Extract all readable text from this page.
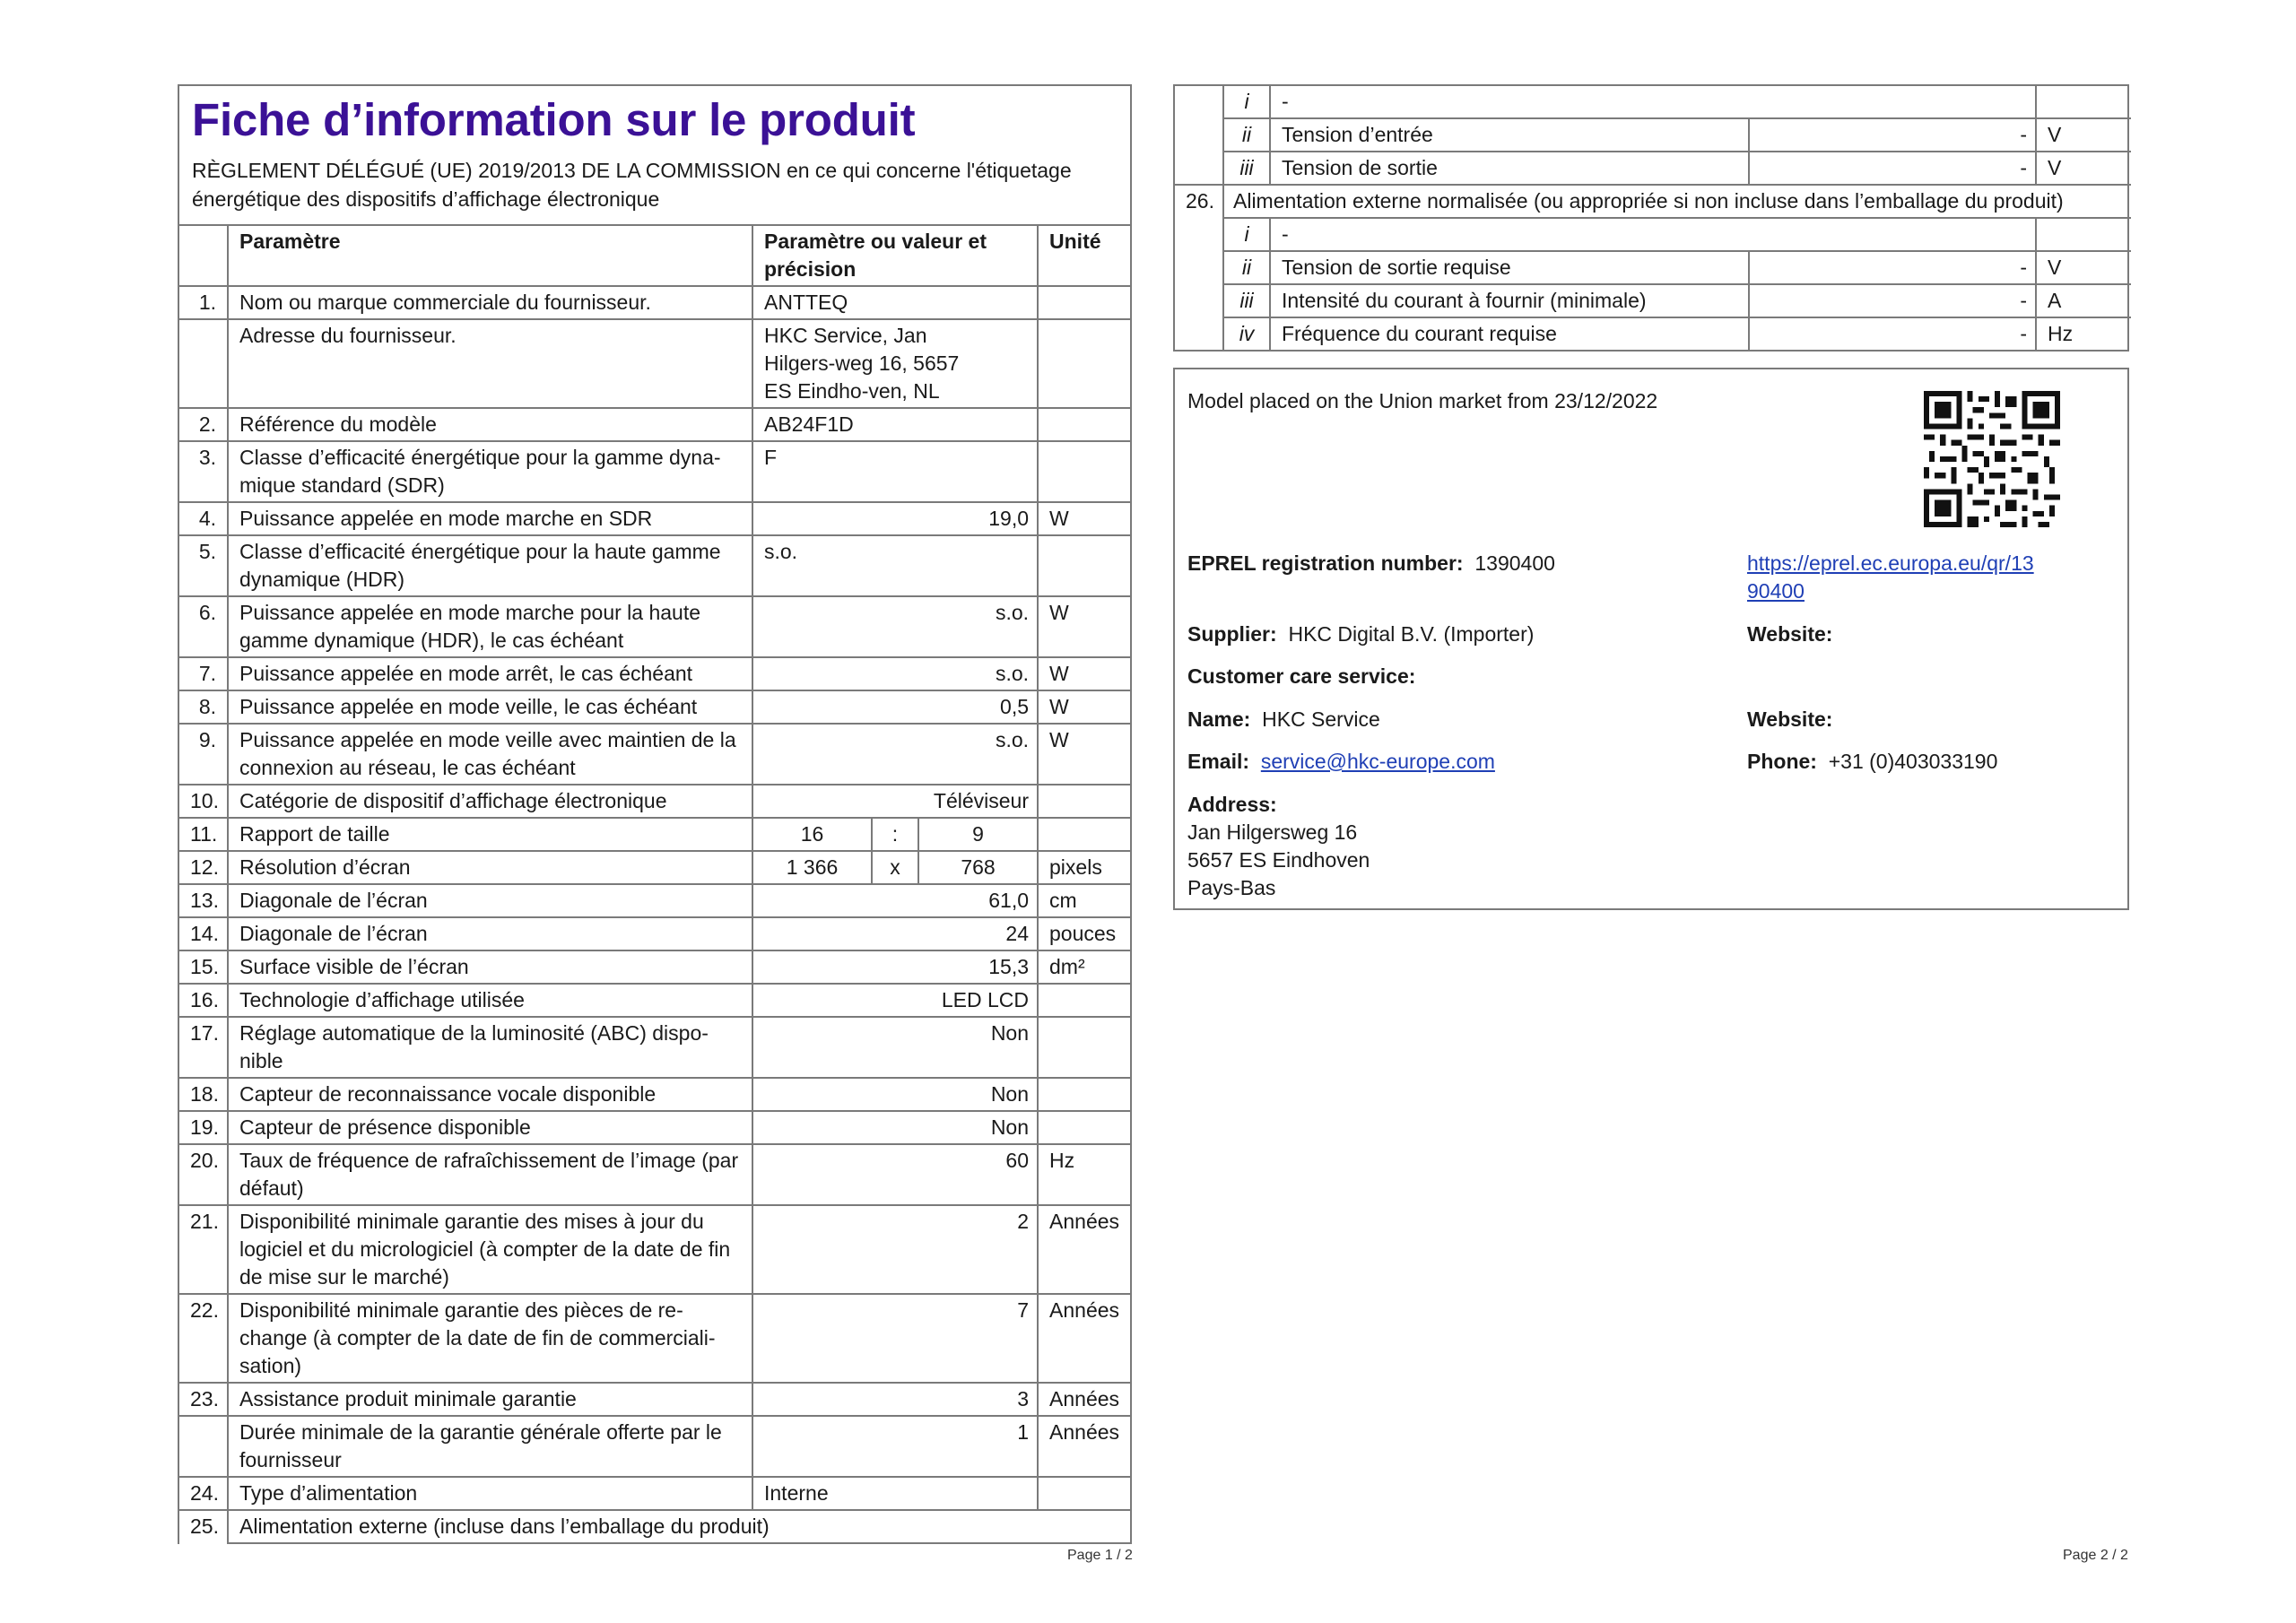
Fiche d’information sur le produit
RÈGLEMENT DÉLÉGUÉ (UE) 2019/2013 DE LA COMMISSION en ce qui concerne l'étiquetage énergétique des dispositifs d’affichage électronique
	Paramètre	Paramètre ou valeur et précision			Unité
1.	Nom ou marque commerciale du fournisseur.	ANTTEQ			
	Adresse du fournisseur.	HKC Service, Jan Hilgers-weg 16, 5657 ES Eindho-ven, NL			
2.	Référence du modèle	AB24F1D			
3.	Classe d’efficacité énergétique pour la gamme dyna-mique standard (SDR)	F			
4.	Puissance appelée en mode marche en SDR	19,0			W
5.	Classe d’efficacité énergétique pour la haute gamme dynamique (HDR)	s.o.			
6.	Puissance appelée en mode marche pour la haute gamme dynamique (HDR), le cas échéant	s.o.			W
7.	Puissance appelée en mode arrêt, le cas échéant	s.o.			W
8.	Puissance appelée en mode veille, le cas échéant	0,5			W
9.	Puissance appelée en mode veille avec maintien de la connexion au réseau, le cas échéant	s.o.			W
10.	Catégorie de dispositif d’affichage électronique	Téléviseur			
11.	Rapport de taille	16	:	9	
12.	Résolution d’écran	1 366	x	768	pixels
13.	Diagonale de l’écran	61,0			cm
14.	Diagonale de l’écran	24			pouces
15.	Surface visible de l’écran	15,3			dm²
16.	Technologie d’affichage utilisée	LED LCD			
17.	Réglage automatique de la luminosité (ABC) dispo-nible	Non			
18.	Capteur de reconnaissance vocale disponible	Non			
19.	Capteur de présence disponible	Non			
20.	Taux de fréquence de rafraîchissement de l’image (par défaut)	60			Hz
21.	Disponibilité minimale garantie des mises à jour du logiciel et du micrologiciel (à compter de la date de fin de mise sur le marché)	2			Années
22.	Disponibilité minimale garantie des pièces de re-change (à compter de la date de fin de commerciali-sation)	7			Années
23.	Assistance produit minimale garantie	3			Années
	Durée minimale de la garantie générale offerte par le fournisseur	1			Années
24.	Type d’alimentation	Interne			
25.	Alimentation externe (incluse dans l’emballage du produit)				
Page 1 / 2
	i	-		
	ii	Tension d’entrée	-	V
	iii	Tension de sortie	-	V
26.	Alimentation externe normalisée (ou appropriée si non incluse dans l’emballage du produit)			
	i	-		
	ii	Tension de sortie requise	-	V
	iii	Intensité du courant à fournir (minimale)	-	A
	iv	Fréquence du courant requise	-	Hz
Model placed on the Union market from 23/12/2022
EPREL registration number: 1390400	https://eprel.ec.europa.eu/qr/13
90400
Supplier: HKC Digital B.V. (Importer)	Website:
Customer care service:
Name: HKC Service	Website:
Email: service@hkc-europe.com	Phone: +31 (0)403033190
Address:
Jan Hilgersweg 16
5657 ES Eindhoven
Pays-Bas
Page 2 / 2
